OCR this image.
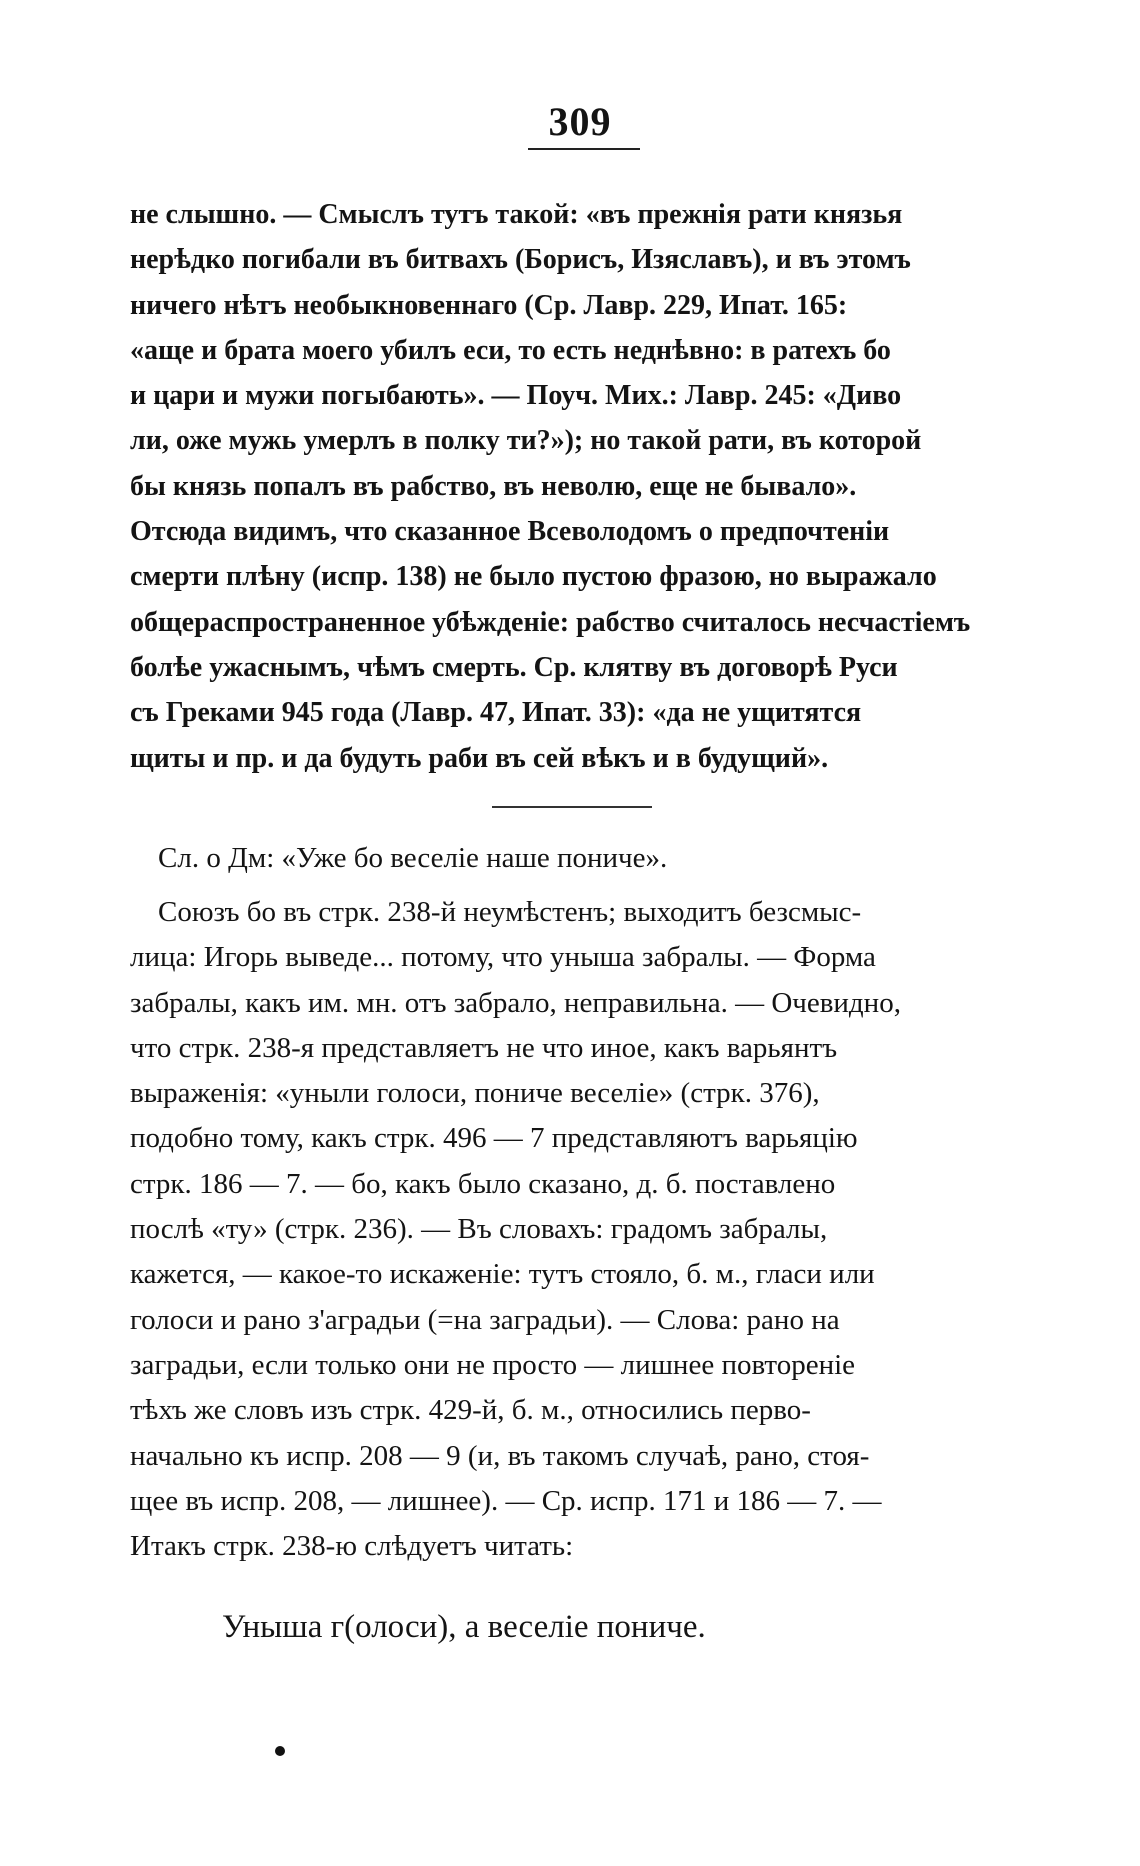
309
не слышно. — Смыслъ тутъ такой: «въ прежнія рати князья
нерѣдко погибали въ битвахъ (Борисъ, Изяславъ), и въ этомъ
ничего нѣтъ необыкновеннаго (Ср. Лавр. 229, Ипат. 165:
«аще и брата моего убилъ еси, то есть неднѣвно: в ратехъ бо
и цари и мужи погыбають». — Поуч. Мих.: Лавр. 245: «Диво
ли, оже мужь умерлъ в полку ти?»); но такой рати, въ которой
бы князь попалъ въ рабство, въ неволю, еще не бывало».
Отсюда видимъ, что сказанное Всеволодомъ о предпочтеніи
смерти плѣну (испр. 138) не было пустою фразою, но выражало
общераспространенное убѣжденіе: рабство считалось несчастіемъ
болѣе ужаснымъ, чѣмъ смерть. Ср. клятву въ договорѣ Руси
съ Греками 945 года (Лавр. 47, Ипат. 33): «да не ущитятся
щиты и пр. и да будуть раби въ сей вѣкъ и в будущий».
Сл. о Дм: «Уже бо веселіе наше пониче».
Союзъ бо въ стрк. 238-й неумѣстенъ; выходитъ безсмыс-
лица: Игорь выведе... потому, что уныша забралы. — Форма
забралы, какъ им. мн. отъ забрало, неправильна. — Очевидно,
что стрк. 238-я представляетъ не что иное, какъ варьянтъ
выраженія: «уныли голоси, пониче веселіе» (стрк. 376),
подобно тому, какъ стрк. 496 — 7 представляютъ варьяцію
стрк. 186 — 7. — бо, какъ было сказано, д. б. поставлено
послѣ «ту» (стрк. 236). — Въ словахъ: градомъ забралы,
кажется, — какое-то искаженіе: тутъ стояло, б. м., гласи или
голоси и рано з'аградьи (=на заградьи). — Слова: рано на
заградьи, если только они не просто — лишнее повтореніе
тѣхъ же словъ изъ стрк. 429-й, б. м., относились перво-
начально къ испр. 208 — 9 (и, въ такомъ случаѣ, рано, стоя-
щее въ испр. 208, — лишнее). — Ср. испр. 171 и 186 — 7. —
Итакъ стрк. 238-ю слѣдуетъ читать:
Уныша г(олоси), а веселіе пониче.
